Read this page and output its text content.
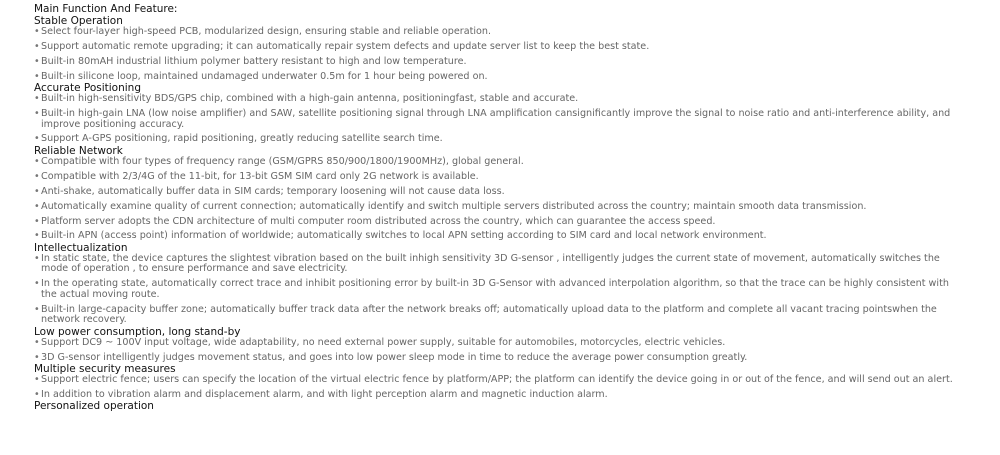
Main Function And Feature:
Stable Operation
• Select four-layer high-speed PCB, modularized design, ensuring stable and reliable operation.
• Support automatic remote upgrading; it can automatically repair system defects and update server list to keep the best state.
• Built-in 80mAH industrial lithium polymer battery resistant to high and low temperature.
• Built-in silicone loop, maintained undamaged underwater 0.5m for 1 hour being powered on.
Accurate Positioning
• Built-in high-sensitivity BDS/GPS chip, combined with a high-gain antenna, positioningfast, stable and accurate.
• Built-in high-gain LNA (low noise amplifier) and SAW, satellite positioning signal through LNA amplification cansignificantly improve the signal to noise ratio and anti-interference ability, and improve positioning accuracy.
• Support A-GPS positioning, rapid positioning, greatly reducing satellite search time.
Reliable Network
• Compatible with four types of frequency range (GSM/GPRS 850/900/1800/1900MHz), global general.
• Compatible with 2/3/4G of the 11-bit, for 13-bit GSM SIM card only 2G network is available.
• Anti-shake, automatically buffer data in SIM cards; temporary loosening will not cause data loss.
• Automatically examine quality of current connection; automatically identify and switch multiple servers distributed across the country; maintain smooth data transmission.
• Platform server adopts the CDN architecture of multi computer room distributed across the country, which can guarantee the access speed.
• Built-in APN (access point) information of worldwide; automatically switches to local APN setting according to SIM card and local network environment.
Intellectualization
• In static state, the device captures the slightest vibration based on the built inhigh sensitivity 3D G-sensor , intelligently judges the current state of movement, automatically switches the mode of operation , to ensure performance and save electricity.
• In the operating state, automatically correct trace and inhibit positioning error by built-in 3D G-Sensor with advanced interpolation algorithm, so that the trace can be highly consistent with the actual moving route.
• Built-in large-capacity buffer zone; automatically buffer track data after the network breaks off; automatically upload data to the platform and complete all vacant tracing pointswhen the network recovery.
Low power consumption, long stand-by
• Support DC9 ~ 100V input voltage, wide adaptability, no need external power supply, suitable for automobiles, motorcycles, electric vehicles.
• 3D G-sensor intelligently judges movement status, and goes into low power sleep mode in time to reduce the average power consumption greatly.
Multiple security measures
• Support electric fence; users can specify the location of the virtual electric fence by platform/APP; the platform can identify the device going in or out of the fence, and will send out an alert.
• In addition to vibration alarm and displacement alarm, and with light perception alarm and magnetic induction alarm.
Personalized operation
